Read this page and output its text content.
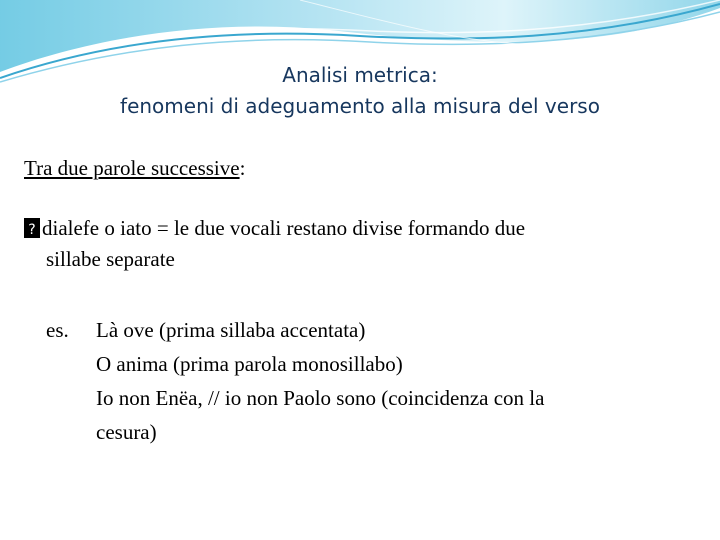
Analisi metrica:
fenomeni di adeguamento alla misura del verso
Tra due parole successive:
?dialefe o iato = le due vocali restano divise formando due
sillabe separate
es. Là ove (prima sillaba accentata)
O anima (prima parola monosillabo)
Io non Enëa, // io non Paolo sono (coincidenza con la
cesura)
